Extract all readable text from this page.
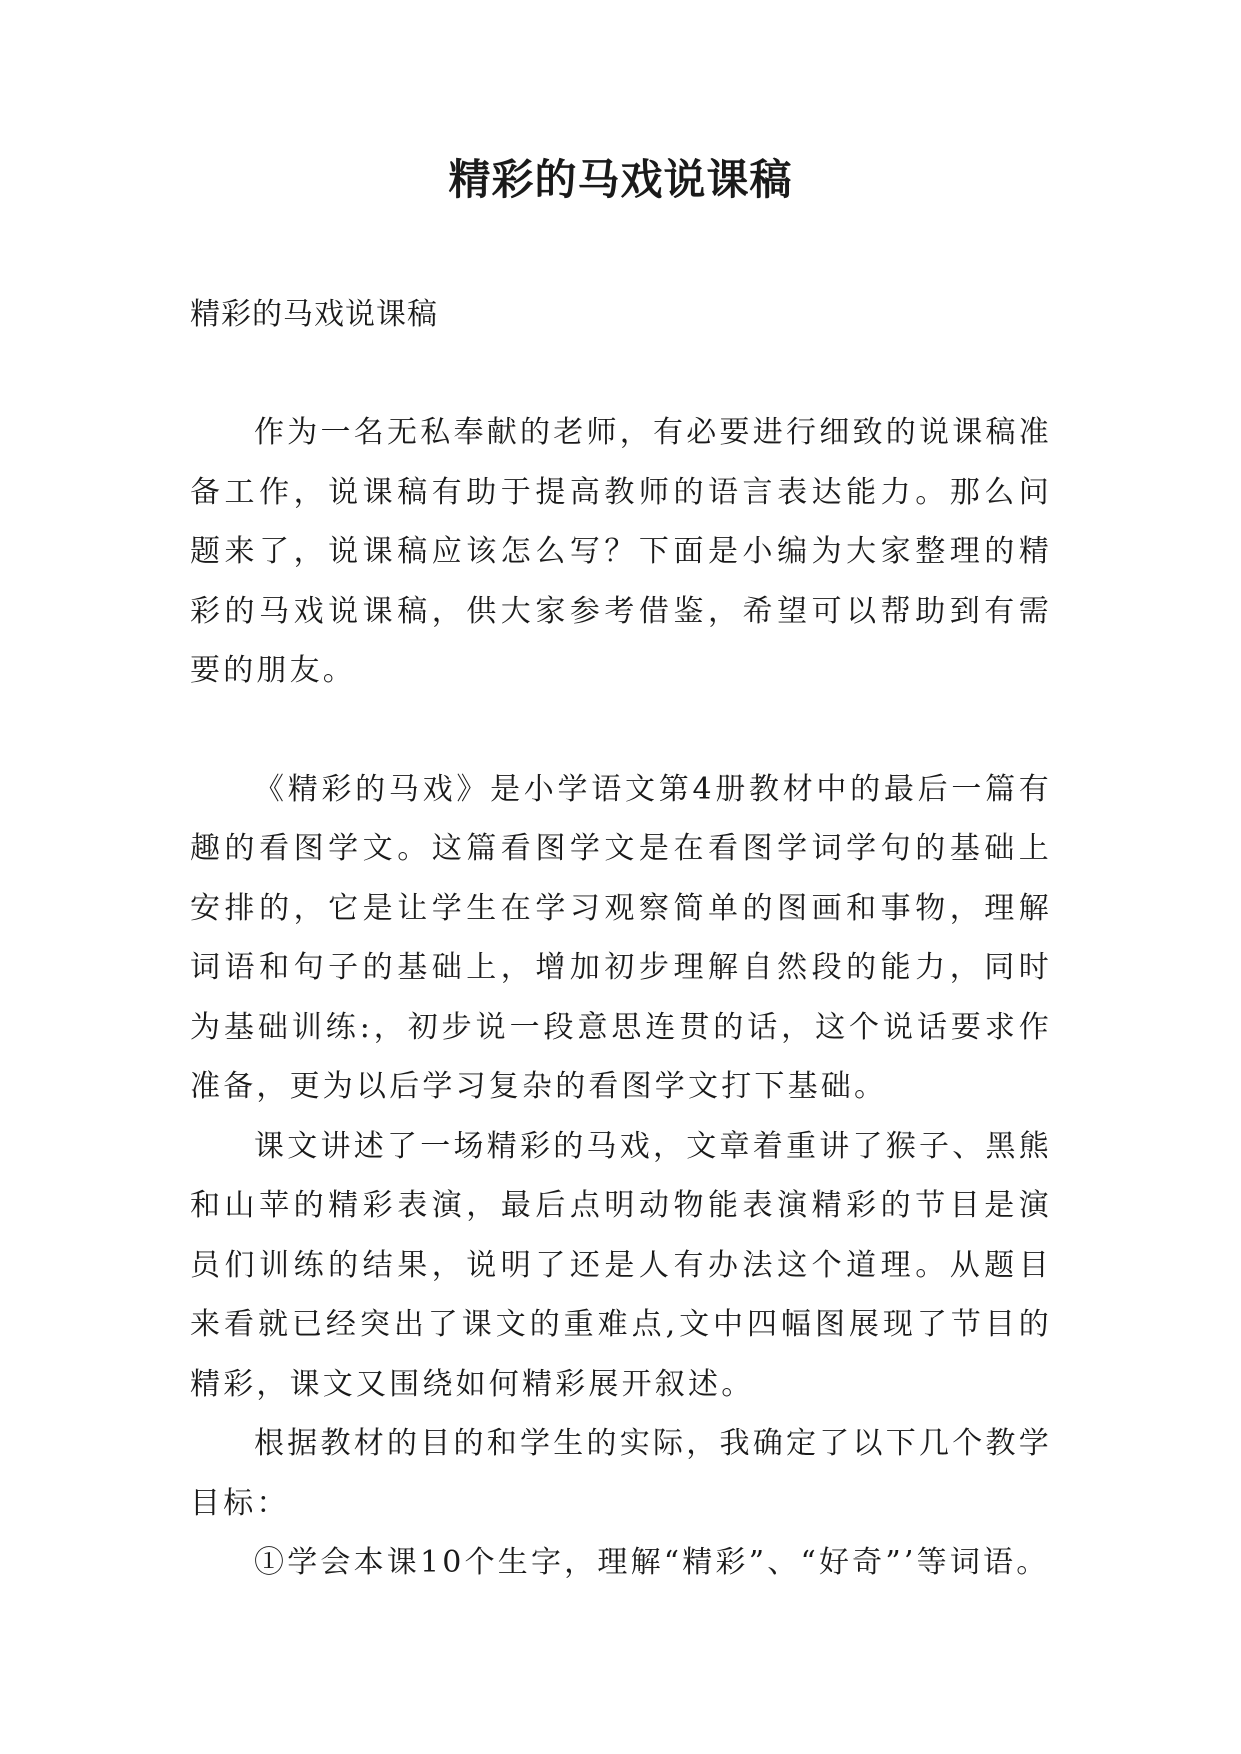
精彩的马戏说课稿

精彩的马戏说课稿

作为一名无私奉献的老师，有必要进行细致的说课稿准备工作，说课稿有助于提高教师的语言表达能力。那么问题来了，说课稿应该怎么写？下面是小编为大家整理的精彩的马戏说课稿，供大家参考借鉴，希望可以帮助到有需要的朋友。

《精彩的马戏》是小学语文第4册教材中的最后一篇有趣的看图学文。这篇看图学文是在看图学词学句的基础上安排的，它是让学生在学习观察简单的图画和事物，理解词语和句子的基础上，增加初步理解自然段的能力，同时为基础训练:，初步说一段意思连贯的话，这个说话要求作准备，更为以后学习复杂的看图学文打下基础。

课文讲述了一场精彩的马戏，文章着重讲了猴子、黑熊和山苹的精彩表演，最后点明动物能表演精彩的节目是演员们训练的结果，说明了还是人有办法这个道理。从题目来看就已经突出了课文的重难点,文中四幅图展现了节目的精彩，课文又围绕如何精彩展开叙述。

根据教材的目的和学生的实际，我确定了以下几个教学目标：

①学会本课10个生字，理解“精彩”、“好奇”’等词语。
